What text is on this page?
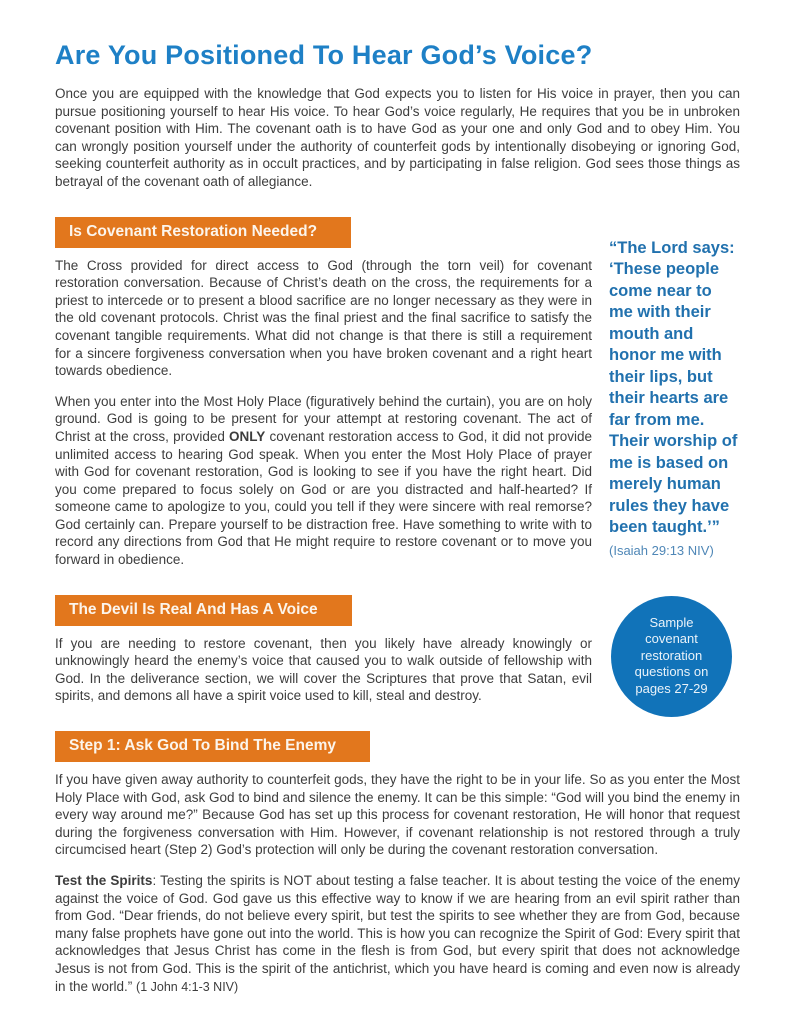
Are You Positioned To Hear God’s Voice?

Once you are equipped with the knowledge that God expects you to listen for His voice in prayer, then you can pursue positioning yourself to hear His voice. To hear God’s voice regularly, He requires that you be in unbroken covenant position with Him. The covenant oath is to have God as your one and only God and to obey Him. You can wrongly position yourself under the authority of counterfeit gods by intentionally disobeying or ignoring God, seeking counterfeit authority as in occult practices, and by participating in false religion. God sees those things as betrayal of the covenant oath of allegiance.

Is Covenant Restoration Needed?

The Cross provided for direct access to God (through the torn veil) for covenant restoration conversation. Because of Christ’s death on the cross, the requirements for a priest to intercede or to present a blood sacrifice are no longer necessary as they were in the old covenant protocols. Christ was the final priest and the final sacrifice to satisfy the covenant tangible requirements. What did not change is that there is still a requirement for a sincere forgiveness conversation when you have broken covenant and a right heart towards obedience.

When you enter into the Most Holy Place (figuratively behind the curtain), you are on holy ground. God is going to be present for your attempt at restoring covenant. The act of Christ at the cross, provided ONLY covenant restoration access to God, it did not provide unlimited access to hearing God speak. When you enter the Most Holy Place of prayer with God for covenant restoration, God is looking to see if you have the right heart. Did you come prepared to focus solely on God or are you distracted and half-hearted? If someone came to apologize to you, could you tell if they were sincere with real remorse? God certainly can. Prepare yourself to be distraction free. Have something to write with to record any directions from God that He might require to restore covenant or to move you forward in obedience.

“The Lord says: ‘These people come near to me with their mouth and honor me with their lips, but their hearts are far from me. Their worship of me is based on merely human rules they have been taught.’”
(Isaiah 29:13 NIV)
The Devil Is Real And Has A Voice

If you are needing to restore covenant, then you likely have already knowingly or unknowingly heard the enemy’s voice that caused you to walk outside of fellowship with God. In the deliverance section, we will cover the Scriptures that prove that Satan, evil spirits, and demons all have a spirit voice used to kill, steal and destroy.

Sample covenant restoration questions on pages 27-29
Step 1: Ask God To Bind The Enemy

If you have given away authority to counterfeit gods, they have the right to be in your life. So as you enter the Most Holy Place with God, ask God to bind and silence the enemy. It can be this simple: “God will you bind the enemy in every way around me?” Because God has set up this process for covenant restoration, He will honor that request during the forgiveness conversation with Him. However, if covenant relationship is not restored through a truly circumcised heart (Step 2) God’s protection will only be during the covenant restoration conversation.

Test the Spirits: Testing the spirits is NOT about testing a false teacher. It is about testing the voice of the enemy against the voice of God. God gave us this effective way to know if we are hearing from an evil spirit rather than from God. “Dear friends, do not believe every spirit, but test the spirits to see whether they are from God, because many false prophets have gone out into the world. This is how you can recognize the Spirit of God: Every spirit that acknowledges that Jesus Christ has come in the flesh is from God, but every spirit that does not acknowledge Jesus is not from God. This is the spirit of the antichrist, which you have heard is coming and even now is already in the world.” (1 John 4:1-3 NIV)
